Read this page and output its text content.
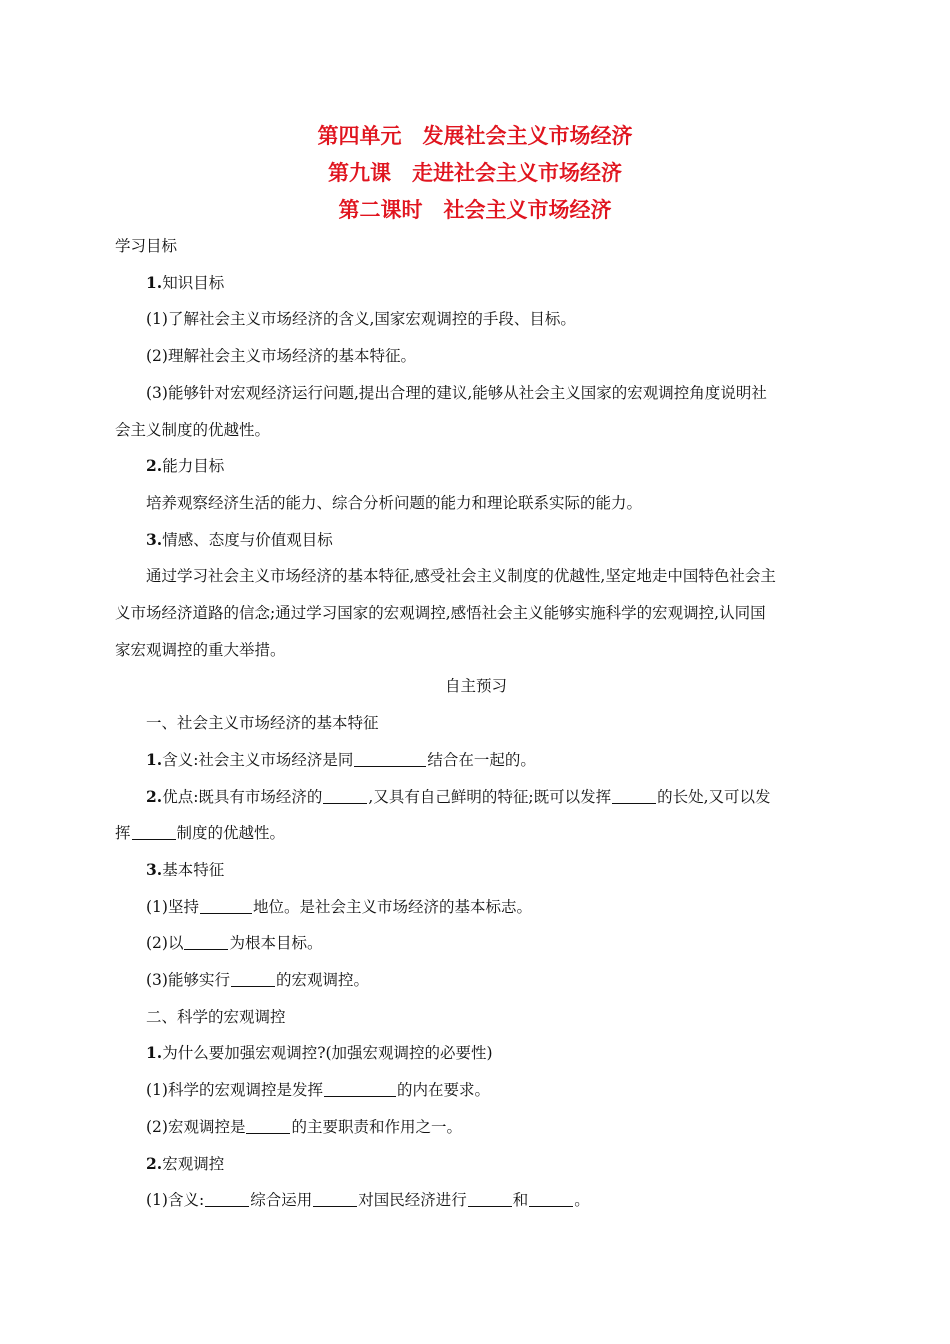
第四单元　发展社会主义市场经济
第九课　走进社会主义市场经济
第二课时　社会主义市场经济
学习目标
1.知识目标
(1)了解社会主义市场经济的含义,国家宏观调控的手段、目标。
(2)理解社会主义市场经济的基本特征。
(3)能够针对宏观经济运行问题,提出合理的建议,能够从社会主义国家的宏观调控角度说明社
会主义制度的优越性。
2.能力目标
培养观察经济生活的能力、综合分析问题的能力和理论联系实际的能力。
3.情感、态度与价值观目标
通过学习社会主义市场经济的基本特征,感受社会主义制度的优越性,坚定地走中国特色社会主
义市场经济道路的信念;通过学习国家的宏观调控,感悟社会主义能够实施科学的宏观调控,认同国
家宏观调控的重大举措。
自主预习
一、社会主义市场经济的基本特征
1.含义:社会主义市场经济是同	结合在一起的。
2.优点:既具有市场经济的	,又具有自己鲜明的特征;既可以发挥	的长处,又可以发
挥	制度的优越性。
3.基本特征
(1)坚持	地位。是社会主义市场经济的基本标志。
(2)以	为根本目标。
(3)能够实行	的宏观调控。
二、科学的宏观调控
1.为什么要加强宏观调控?(加强宏观调控的必要性)
(1)科学的宏观调控是发挥	的内在要求。
(2)宏观调控是	的主要职责和作用之一。
2.宏观调控
(1)含义:	综合运用	对国民经济进行	和	。
